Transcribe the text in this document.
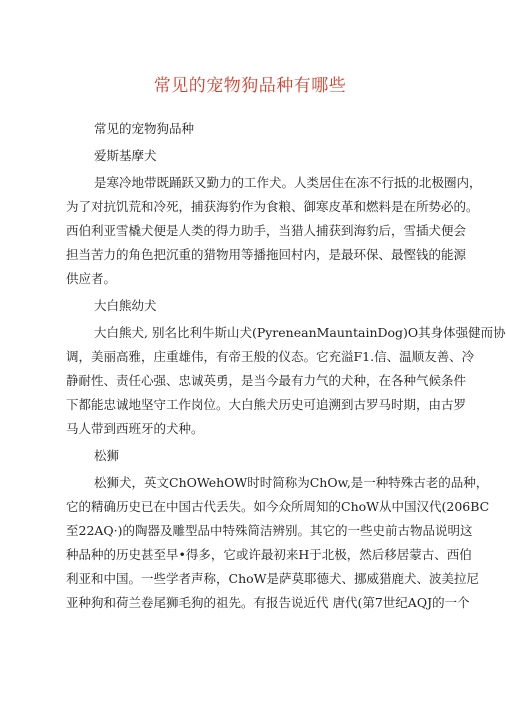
常见的宠物狗品种有哪些
常见的宠物狗品种
爱斯基摩犬
是寒冷地带既踊跃又勤力的工作犬。人类居住在冻不行抵的北极圈内，
为了对抗饥荒和冷死，捕获海豹作为食粮、御寒皮革和燃料是在所势必的。
西伯利亚雪橇犬便是人类的得力助手，当猎人捕获到海豹后，雪插犬便会
担当苦力的角色把沉重的猎物用等播拖回村内，是最环保、最慳钱的能源
供应者。
大白熊幼犬
大白熊犬, 别名比利牛斯山犬(PyreneanMauntainDog)O其身体强健而协
调，美丽高雅，庄重雄伟，有帝王般的仪态。它充溢F1.信、温顺友善、冷
静耐性、责任心强、忠诚英勇，是当今最有力气的犬种，在各种气候条件
下都能忠诚地坚守工作岗位。大白熊犬历史可追溯到古罗马时期，由古罗
马人带到西班牙的犬种。
松狮
松狮犬，英文ChOWehOW时时简称为ChOw,是一种特殊古老的品种，
它的精确历史已在中国古代丢失。如今众所周知的ChoW从中国汉代(206BC
至22AQ·)的陶器及雕型品中特殊简洁辨别。其它的一些史前古物品说明这
种品种的历史甚至早•得多，它或许最初来H于北极，然后移居蒙古、西伯
利亚和中国。一些学者声称，ChoW是萨莫耶德犬、挪威猎鹿犬、波美拉尼
亚种狗和荷兰卷尾狮毛狗的祖先。有报告说近代 唐代(第7世纪AQJ的一个
